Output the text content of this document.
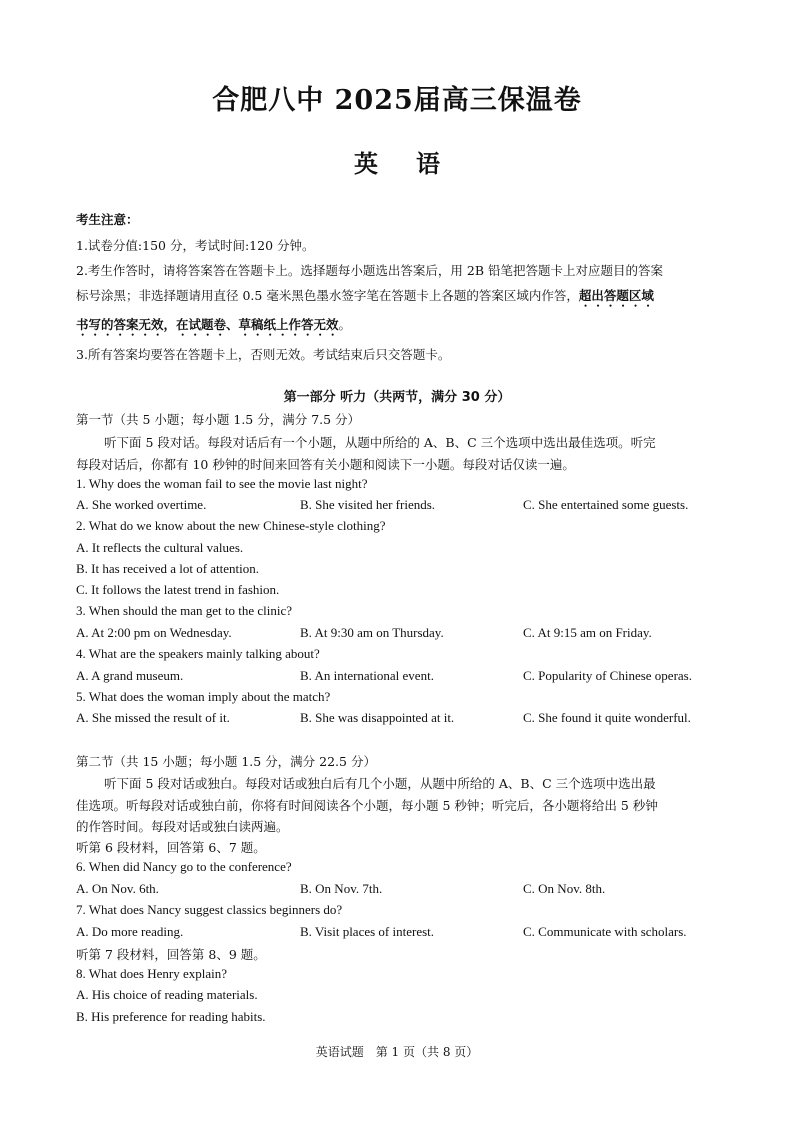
合肥八中 2025届高三保温卷
英语
考生注意：
1.试卷分值:150 分，考试时间:120 分钟。
2.考生作答时，请将答案答在答题卡上。选择题每小题选出答案后，用 2B 铅笔把答题卡上对应题目的答案
标号涂黑；非选择题请用直径 0.5 毫米黑色墨水签字笔在答题卡上各题的答案区域内作答，超出答题区域
书写的答案无效，在试题卷、草稿纸上作答无效。
3.所有答案均要答在答题卡上，否则无效。考试结束后只交答题卡。
第一部分 听力（共两节，满分 30 分）
第一节（共 5 小题；每小题 1.5 分，满分 7.5 分）
听下面 5 段对话。每段对话后有一个小题，从题中所给的 A、B、C 三个选项中选出最佳选项。听完
每段对话后，你都有 10 秒钟的时间来回答有关小题和阅读下一小题。每段对话仅读一遍。
1. Why does the woman fail to see the movie last night?
A. She worked overtime.	B. She visited her friends.	C. She entertained some guests.
2. What do we know about the new Chinese-style clothing?
A. It reflects the cultural values.
B. It has received a lot of attention.
C. It follows the latest trend in fashion.
3. When should the man get to the clinic?
A. At 2:00 pm on Wednesday.	B. At 9:30 am on Thursday.	C. At 9:15 am on Friday.
4. What are the speakers mainly talking about?
A. A grand museum.	B. An international event.	C. Popularity of Chinese operas.
5. What does the woman imply about the match?
A. She missed the result of it.	B. She was disappointed at it.	C. She found it quite wonderful.
第二节（共 15 小题；每小题 1.5 分，满分 22.5 分）
听下面 5 段对话或独白。每段对话或独白后有几个小题，从题中所给的 A、B、C 三个选项中选出最
佳选项。听每段对话或独白前，你将有时间阅读各个小题，每小题 5 秒钟；听完后，各小题将给出 5 秒钟
的作答时间。每段对话或独白读两遍。
听第 6 段材料，回答第 6、7 题。
6. When did Nancy go to the conference?
A. On Nov. 6th.	B. On Nov. 7th.	C. On Nov. 8th.
7. What does Nancy suggest classics beginners do?
A. Do more reading.	B. Visit places of interest.	C. Communicate with scholars.
听第 7 段材料，回答第 8、9 题。
8. What does Henry explain?
A. His choice of reading materials.
B. His preference for reading habits.
英语试题　第 1 页（共 8 页）
